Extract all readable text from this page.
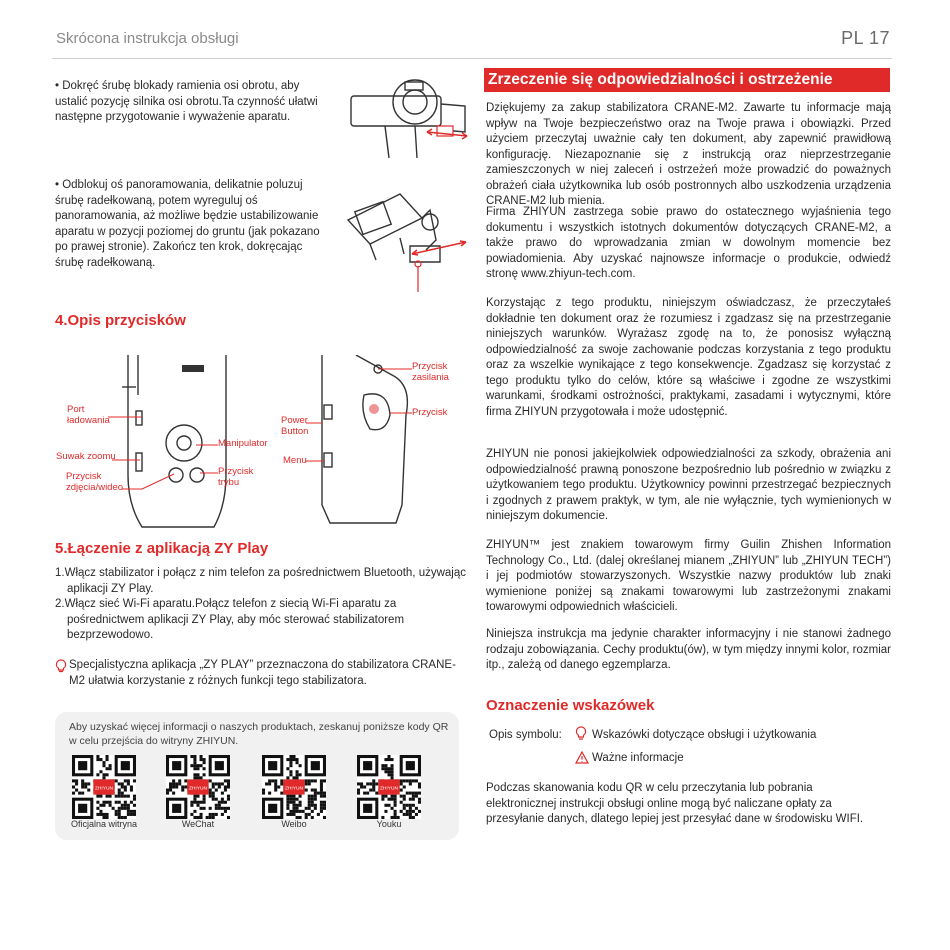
Skrócona instrukcja obsługi	PL 17

• Dokręć śrubę blokady ramienia osi obrotu, aby ustalić pozycję silnika osi obrotu.Ta czynność ułatwi następne przygotowanie i wyważenie aparatu.

• Odblokuj oś panoramowania, delikatnie poluzuj śrubę radełkowaną, potem wyreguluj oś panoramowania, aż możliwe będzie ustabilizowanie aparatu w pozycji poziomej do gruntu (jak pokazano po prawej stronie). Zakończ ten krok, dokręcając śrubę radełkowaną.

4.Opis przycisków
Port
ładowania
Suwak zoomu
Przycisk
zdjęcia/wideo
Manipulator
Przycisk
trybu
Power
Button
Menu
Przycisk
zasilania
Przycisk
5.Łączenie z aplikacją ZY Play
1.Włącz stabilizator i połącz z nim telefon za pośrednictwem Bluetooth, używając aplikacji ZY Play.
2.Włącz sieć Wi-Fi aparatu.Połącz telefon z siecią Wi-Fi aparatu za pośrednictwem aplikacji ZY Play, aby móc sterować stabilizatorem bezprzewodowo.
Specjalistyczna aplikacja „ZY PLAY” przeznaczona do stabilizatora CRANE-M2 ułatwia korzystanie z różnych funkcji tego stabilizatora.
Aby uzyskać więcej informacji o naszych produktach, zeskanuj poniższe kody QR w celu przejścia do witryny ZHIYUN.
ZHIYUN
Oficjalna witryna
ZHIYUN
WeChat
ZHIYUN
Weibo
ZHIYUN
Youku
Zrzeczenie się odpowiedzialności i ostrzeżenie

Dziękujemy za zakup stabilizatora CRANE-M2. Zawarte tu informacje mają wpływ na Twoje bezpieczeństwo oraz na Twoje prawa i obowiązki. Przed użyciem przeczytaj uważnie cały ten dokument, aby zapewnić prawidłową konfigurację. Niezapoznanie się z instrukcją oraz nieprzestrzeganie zamieszczonych w niej zaleceń i ostrzeżeń może prowadzić do poważnych obrażeń ciała użytkownika lub osób postronnych albo uszkodzenia urządzenia CRANE-M2 lub mienia.

Firma ZHIYUN zastrzega sobie prawo do ostatecznego wyjaśnienia tego dokumentu i wszystkich istotnych dokumentów dotyczących CRANE-M2, a także prawo do wprowadzania zmian w dowolnym momencie bez powiadomienia. Aby uzyskać najnowsze informacje o produkcie, odwiedź stronę www.zhiyun-tech.com.

Korzystając z tego produktu, niniejszym oświadczasz, że przeczytałeś dokładnie ten dokument oraz że rozumiesz i zgadzasz się na przestrzeganie niniejszych warunków. Wyrażasz zgodę na to, że ponosisz wyłączną odpowiedzialność za swoje zachowanie podczas korzystania z tego produktu oraz za wszelkie wynikające z tego konsekwencje. Zgadzasz się korzystać z tego produktu tylko do celów, które są właściwe i zgodne ze wszystkimi warunkami, środkami ostrożności, praktykami, zasadami i wytycznymi, które firma ZHIYUN przygotowała i może udostępnić.

ZHIYUN nie ponosi jakiejkolwiek odpowiedzialności za szkody, obrażenia ani odpowiedzialność prawną ponoszone bezpośrednio lub pośrednio w związku z użytkowaniem tego produktu. Użytkownicy powinni przestrzegać bezpiecznych i zgodnych z prawem praktyk, w tym, ale nie wyłącznie, tych wymienionych w niniejszym dokumencie.

ZHIYUN™ jest znakiem towarowym firmy Guilin Zhishen Information Technology Co., Ltd. (dalej określanej mianem „ZHIYUN” lub „ZHIYUN TECH”) i jej podmiotów stowarzyszonych. Wszystkie nazwy produktów lub znaki wymienione poniżej są znakami towarowymi lub zastrzeżonymi znakami towarowymi odpowiednich właścicieli.

Niniejsza instrukcja ma jedynie charakter informacyjny i nie stanowi żadnego rodzaju zobowiązania. Cechy produktu(ów), w tym między innymi kolor, rozmiar itp., zależą od danego egzemplarza.

Oznaczenie wskazówek
Opis symbolu:	Wskazówki dotyczące obsługi i użytkowania
Ważne informacje

Podczas skanowania kodu QR w celu przeczytania lub pobrania elektronicznej instrukcji obsługi online mogą być naliczane opłaty za przesyłanie danych, dlatego lepiej jest przesyłać dane w środowisku WIFI.
